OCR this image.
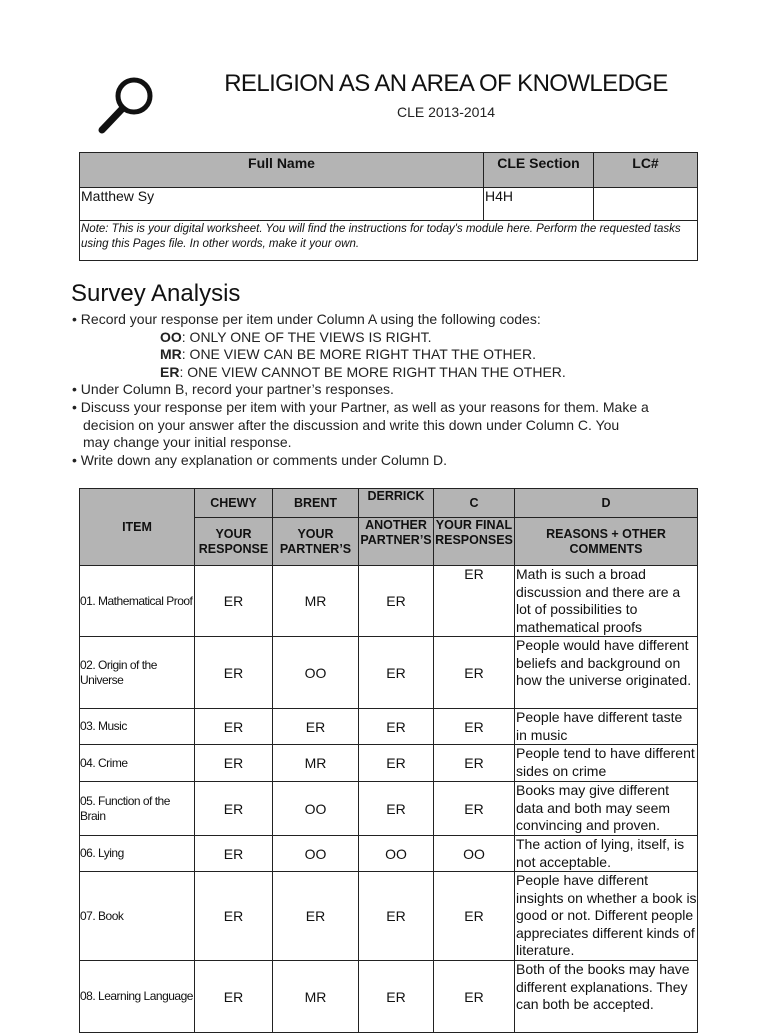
RELIGION AS AN AREA OF KNOWLEDGE
CLE 2013-2014
Full Name	CLE Section	LC#
Matthew Sy	H4H	
Note: This is your digital worksheet. You will find the instructions for today's module here. Perform the requested tasks using this Pages file. In other words, make it your own.		
Survey Analysis
• Record your response per item under Column A using the following codes:
OO: ONLY ONE OF THE VIEWS IS RIGHT.
MR: ONE VIEW CAN BE MORE RIGHT THAT THE OTHER.
ER: ONE VIEW CANNOT BE MORE RIGHT THAN THE OTHER.
• Under Column B, record your partner’s responses.
• Discuss your response per item with your Partner, as well as your reasons for them. Make a
decision on your answer after the discussion and write this down under Column C. You
may change your initial response.
• Write down any explanation or comments under Column D.
ITEM	CHEWY	BRENT	DERRICK	C	D
	YOUR RESPONSE	YOUR PARTNER’S	ANOTHER PARTNER’S	YOUR FINAL RESPONSES	REASONS + OTHER COMMENTS
01. Mathematical Proof	ER	MR	ER	ER	Math is such a broad discussion and there are a lot of possibilities to mathematical proofs
02. Origin of the Universe	ER	OO	ER	ER	People would have different beliefs and background on how the universe originated.
03. Music	ER	ER	ER	ER	People have different taste in music
04. Crime	ER	MR	ER	ER	People tend to have different sides on crime
05. Function of the Brain	ER	OO	ER	ER	Books may give different data and both may seem convincing and proven.
06. Lying	ER	OO	OO	OO	The action of lying, itself, is not acceptable.
07. Book	ER	ER	ER	ER	People have different insights on whether a book is good or not. Different people appreciates different kinds of literature.
08. Learning Language	ER	MR	ER	ER	Both of the books may have different explanations. They can both be accepted.
